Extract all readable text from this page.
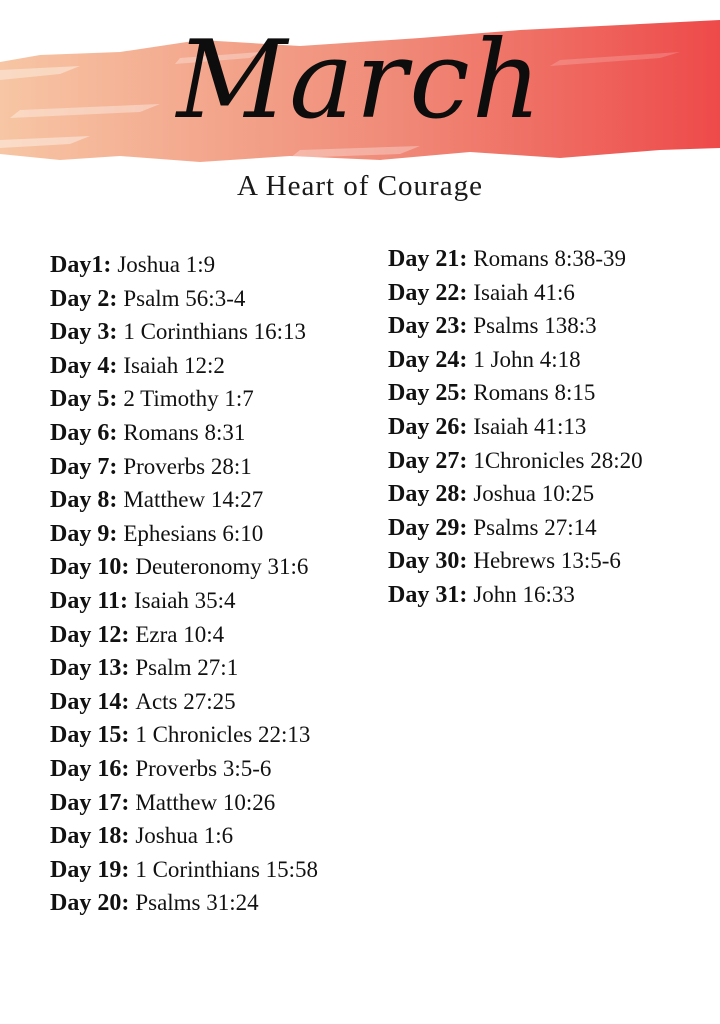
March
A Heart of Courage
Day1: Joshua 1:9
Day 2: Psalm 56:3-4
Day 3: 1 Corinthians 16:13
Day 4: Isaiah 12:2
Day 5: 2 Timothy 1:7
Day 6: Romans 8:31
Day 7: Proverbs 28:1
Day 8: Matthew 14:27
Day 9: Ephesians 6:10
Day 10: Deuteronomy 31:6
Day 11: Isaiah 35:4
Day 12: Ezra 10:4
Day 13: Psalm 27:1
Day 14: Acts 27:25
Day 15: 1 Chronicles 22:13
Day 16: Proverbs 3:5-6
Day 17: Matthew 10:26
Day 18: Joshua 1:6
Day 19: 1 Corinthians 15:58
Day 20: Psalms 31:24
Day 21: Romans 8:38-39
Day 22: Isaiah 41:6
Day 23: Psalms 138:3
Day 24: 1 John 4:18
Day 25: Romans 8:15
Day 26: Isaiah 41:13
Day 27: 1Chronicles 28:20
Day 28: Joshua 10:25
Day 29: Psalms 27:14
Day 30: Hebrews 13:5-6
Day 31: John 16:33
